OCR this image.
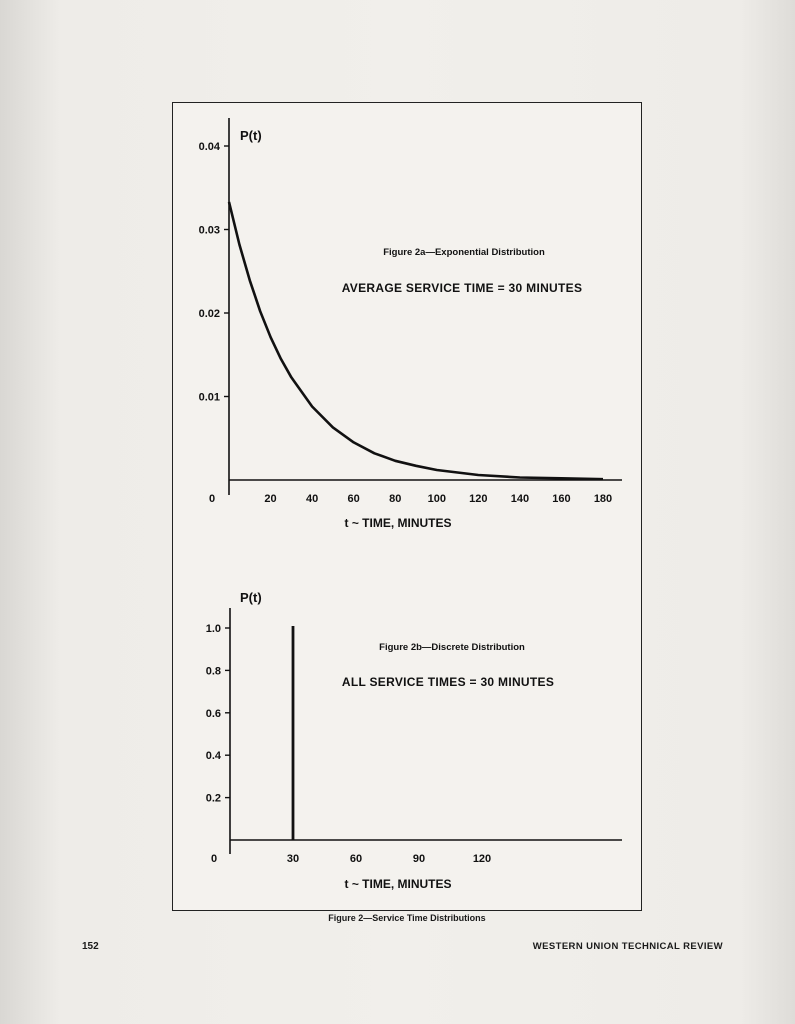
0.01
0.02
0.03
0.04
0	20	40	60	80 100 120 140 160 180
P(t)
Figure 2a—Exponential Distribution
AVERAGE SERVICE TIME = 30 MINUTES
t ~ TIME, MINUTES
0.2
0.4
0.6
0.8
1.0
0	30	60	90	120
P(t)
Figure 2b—Discrete Distribution
ALL SERVICE TIMES = 30 MINUTES
t ~ TIME, MINUTES
Figure 2—Service Time Distributions
152	WESTERN UNION TECHNICAL REVIEW
